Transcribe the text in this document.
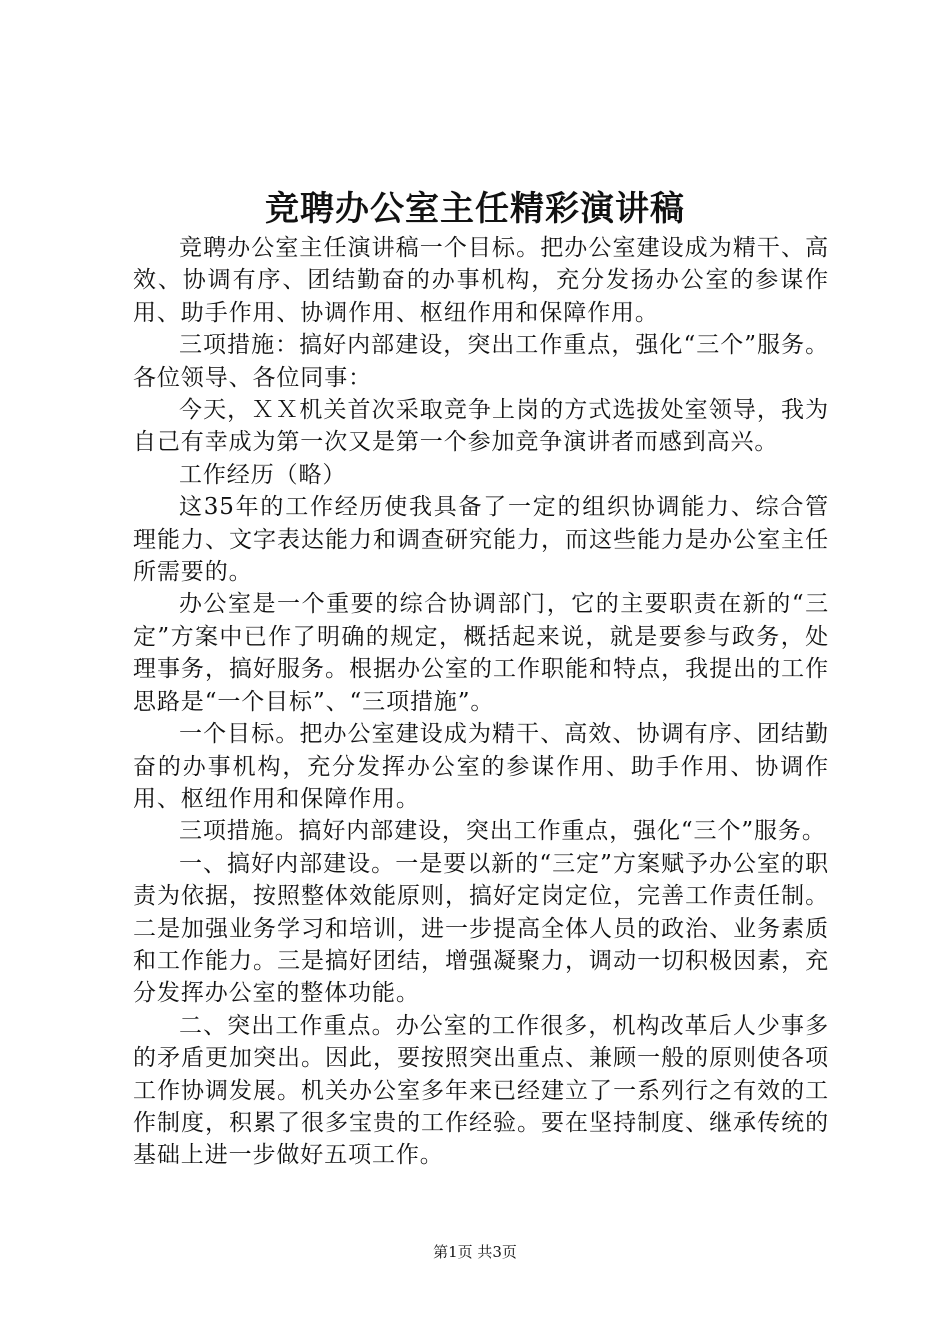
竞聘办公室主任精彩演讲稿

竞聘办公室主任演讲稿一个目标。把办公室建设成为精干、高效、协调有序、团结勤奋的办事机构，充分发扬办公室的参谋作用、助手作用、协调作用、枢纽作用和保障作用。

三项措施：搞好内部建设，突出工作重点，强化“三个”服务。各位领导、各位同事：

今天，ＸＸ机关首次采取竞争上岗的方式选拔处室领导，我为自己有幸成为第一次又是第一个参加竞争演讲者而感到高兴。

工作经历（略）

这35年的工作经历使我具备了一定的组织协调能力、综合管理能力、文字表达能力和调查研究能力，而这些能力是办公室主任所需要的。

办公室是一个重要的综合协调部门，它的主要职责在新的“三定”方案中已作了明确的规定，概括起来说，就是要参与政务，处理事务，搞好服务。根据办公室的工作职能和特点，我提出的工作思路是“一个目标”、“三项措施”。

一个目标。把办公室建设成为精干、高效、协调有序、团结勤奋的办事机构，充分发挥办公室的参谋作用、助手作用、协调作用、枢纽作用和保障作用。

三项措施。搞好内部建设，突出工作重点，强化“三个”服务。

一、搞好内部建设。一是要以新的“三定”方案赋予办公室的职责为依据，按照整体效能原则，搞好定岗定位，完善工作责任制。二是加强业务学习和培训，进一步提高全体人员的政治、业务素质和工作能力。三是搞好团结，增强凝聚力，调动一切积极因素，充分发挥办公室的整体功能。

二、突出工作重点。办公室的工作很多，机构改革后人少事多的矛盾更加突出。因此，要按照突出重点、兼顾一般的原则使各项工作协调发展。机关办公室多年来已经建立了一系列行之有效的工作制度，积累了很多宝贵的工作经验。要在坚持制度、继承传统的基础上进一步做好五项工作。

第1页 共3页
